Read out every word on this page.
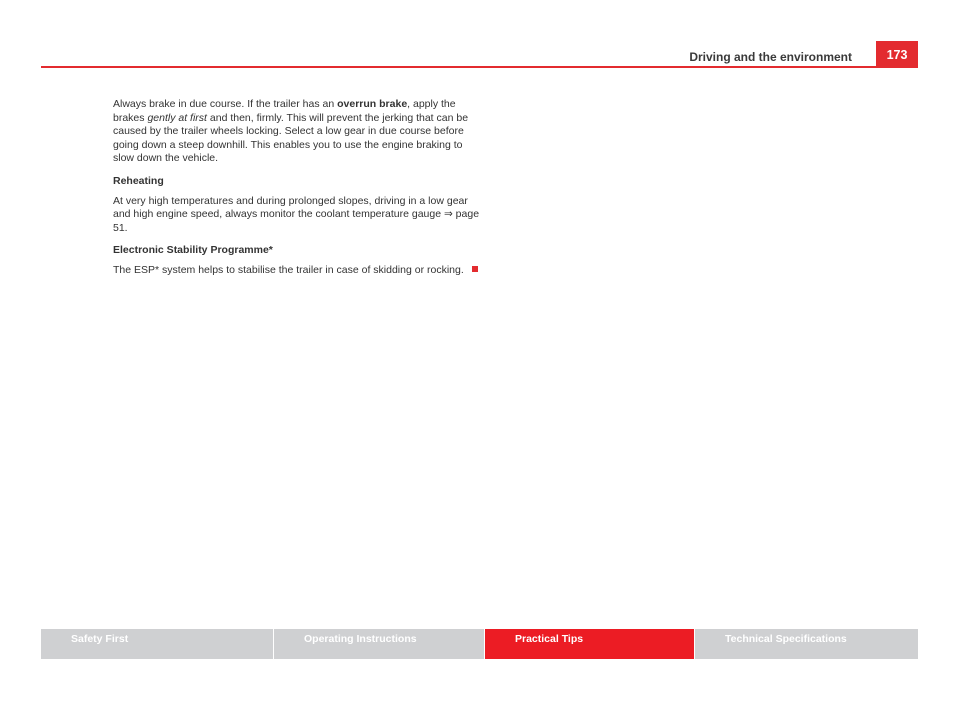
Driving and the environment	173

Always brake in due course. If the trailer has an overrun brake, apply the brakes gently at first and then, firmly. This will prevent the jerking that can be caused by the trailer wheels locking. Select a low gear in due course before going down a steep downhill. This enables you to use the engine braking to slow down the vehicle.

Reheating

At very high temperatures and during prolonged slopes, driving in a low gear and high engine speed, always monitor the coolant temperature gauge ⇒ page 51.

Electronic Stability Programme*

The ESP* system helps to stabilise the trailer in case of skidding or rocking.

Safety First	Operating Instructions	Practical Tips	Technical Specifications
